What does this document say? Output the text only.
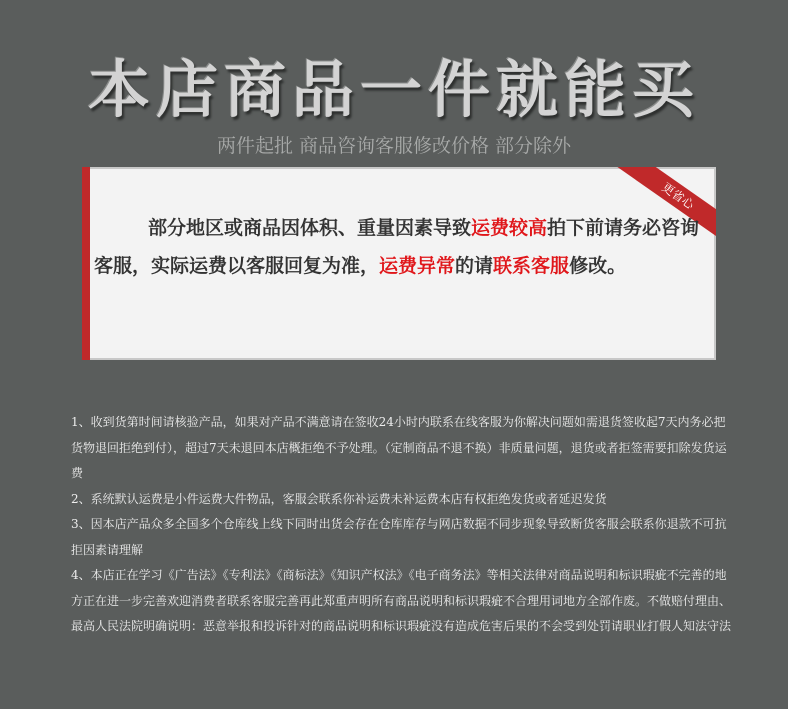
本店商品一件就能买
两件起批 商品咨询客服修改价格 部分除外
更省心
部分地区或商品因体积、重量因素导致运费较高拍下前请务必咨询客服，实际运费以客服回复为准，运费异常的请联系客服修改。

1、收到货第时间请核验产品，如果对产品不满意请在签收24小时内联系在线客服为你解决问题如需退货签收起7天内务必把货物退回拒绝到付），超过7天未退回本店概拒绝不予处理。（定制商品不退不换）非质量问题，退货或者拒签需要扣除发货运费

2、系统默认运费是小件运费大件物品，客服会联系你补运费未补运费本店有权拒绝发货或者延迟发货

3、因本店产品众多全国多个仓库线上线下同时出货会存在仓库库存与网店数据不同步现象导致断货客服会联系你退款不可抗拒因素请理解

4、本店正在学习《广告法》《专利法》《商标法》《知识产权法》《电子商务法》等相关法律对商品说明和标识瑕疵不完善的地方正在进一步完善欢迎消费者联系客服完善再此郑重声明所有商品说明和标识瑕疵不合理用词地方全部作废。不做赔付理由、最高人民法院明确说明：恶意举报和投诉针对的商品说明和标识瑕疵没有造成危害后果的不会受到处罚请职业打假人知法守法
